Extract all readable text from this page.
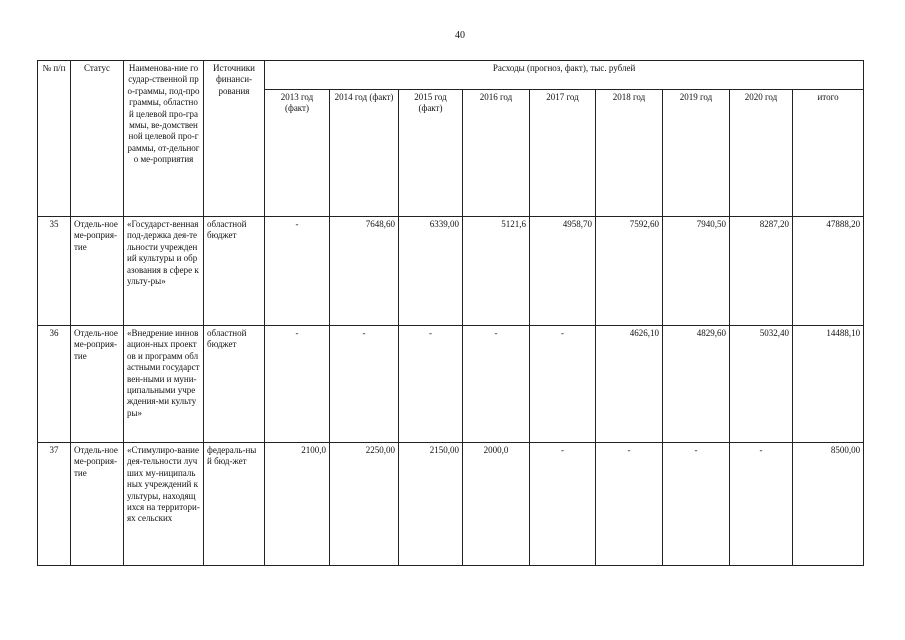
40
№ п/п	Статус	Наименова-ние государ-ственной про-граммы, под-программы, областной целевой про-граммы, ве-домственной целевой про-граммы, от-дельного ме-роприятия	Источники финанси-рования	Расходы (прогноз, факт), тыс. рублей								
				2013 год (факт)	2014 год (факт)	2015 год (факт)	2016 год	2017 год	2018 год	2019 год	2020 год	итого
35	Отдель-ное ме-роприя-тие	«Государст-венная под-держка дея-тельности учреждений культуры и образования в сфере культу-ры»	областной бюджет	-	7648,60	6339,00	5121,6	4958,70	7592,60	7940,50	8287,20	47888,20
36	Отдель-ное ме-роприя-тие	«Внедрение инновацион-ных проектов и программ областными государствен-ными и муни-ципальными учреждения-ми культуры»	областной бюджет	-	-	-	-	-	4626,10	4829,60	5032,40	14488,10
37	Отдель-ное ме-роприя-тие	«Стимулиро-вание дея-тельности лучших му-ниципальных учреждений культуры, находящихся на территори-ях сельских	федераль-ный бюд-жет	2100,0	2250,00	2150,00	2000,0	-	-	-	-	8500,00
